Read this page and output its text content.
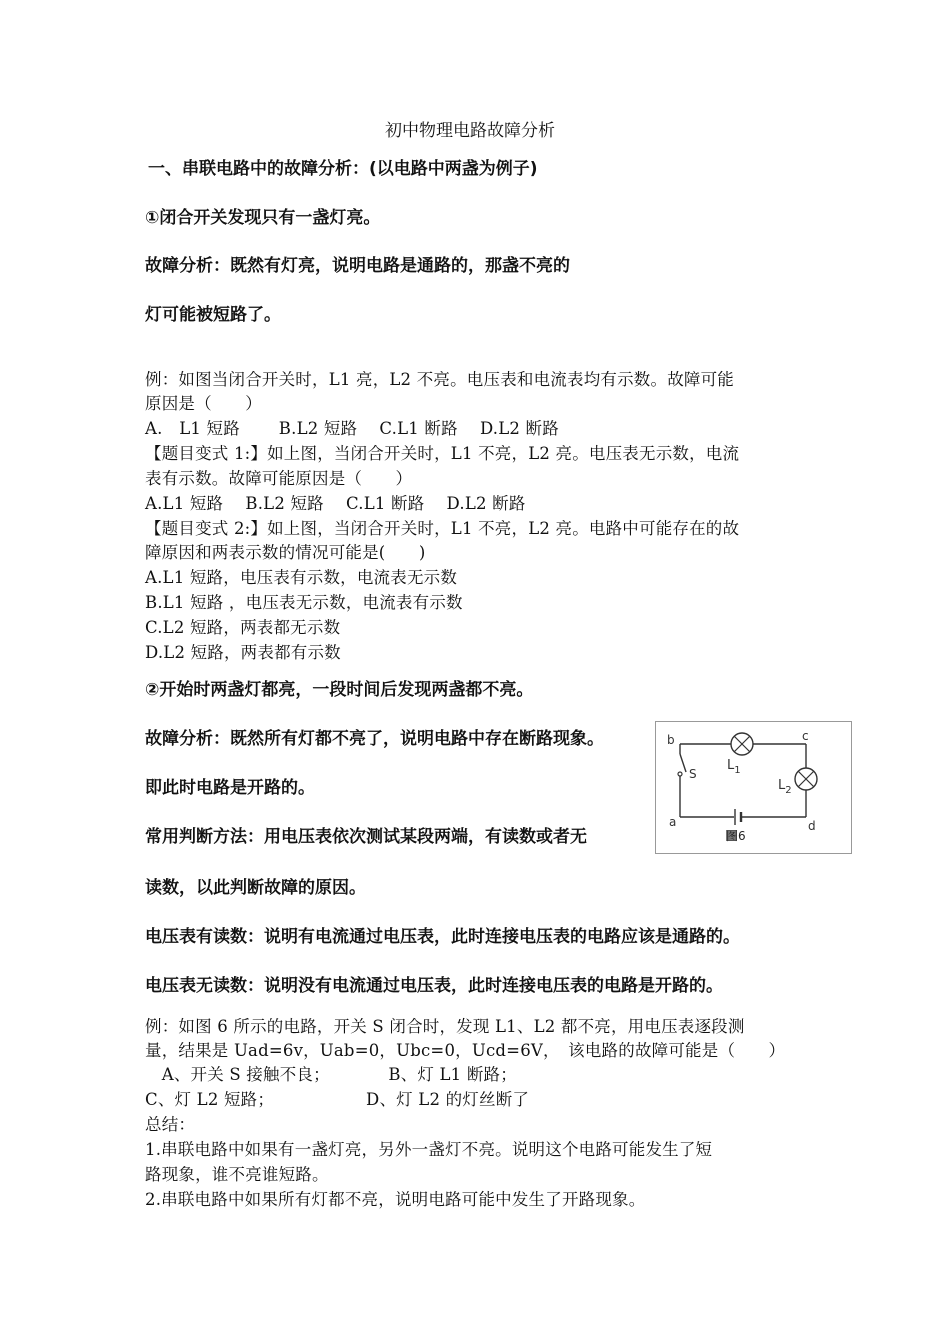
初中物理电路故障分析
一、串联电路中的故障分析：(以电路中两盏为例子)
①闭合开关发现只有一盏灯亮。
故障分析：既然有灯亮，说明电路是通路的，那盏不亮的
灯可能被短路了。
例：如图当闭合开关时，L1 亮，L2 不亮。电压表和电流表均有示数。故障可能
原因是（　　）
A.　L1 短路　　 B.L2 短路　 C.L1 断路　 D.L2 断路
【题目变式 1:】如上图，当闭合开关时，L1 不亮，L2 亮。电压表无示数，电流
表有示数。故障可能原因是（　　）
A.L1 短路　 B.L2 短路　 C.L1 断路　 D.L2 断路
【题目变式 2:】如上图，当闭合开关时，L1 不亮，L2 亮。电路中可能存在的故
障原因和两表示数的情况可能是(　　)
A.L1 短路，电压表有示数，电流表无示数
B.L1 短路 ，电压表无示数，电流表有示数
C.L2 短路，两表都无示数
D.L2 短路，两表都有示数
②开始时两盏灯都亮，一段时间后发现两盏都不亮。
故障分析：既然所有灯都不亮了，说明电路中存在断路现象。
即此时电路是开路的。
常用判断方法：用电压表依次测试某段两端，有读数或者无
读数，以此判断故障的原因。
电压表有读数：说明有电流通过电压表，此时连接电压表的电路应该是通路的。
电压表无读数：说明没有电流通过电压表，此时连接电压表的电路是开路的。
例：如图 6 所示的电路，开关 S 闭合时，发现 L1、L2 都不亮，用电压表逐段测
量，结果是 Uad=6v，Uab=0，Ubc=0，Ucd=6V，　该电路的故障可能是（　　）
　A、开关 S 接触不良；　　　　B、灯 L1 断路；
C、灯 L2 短路；　　　　　　D、灯 L2 的灯丝断了
总结：
1.串联电路中如果有一盏灯亮，另外一盏灯不亮。说明这个电路可能发生了短
路现象，谁不亮谁短路。
2.串联电路中如果所有灯都不亮，说明电路可能中发生了开路现象。
b	c
a	d
S
$L_1$
$L_2$
图6
